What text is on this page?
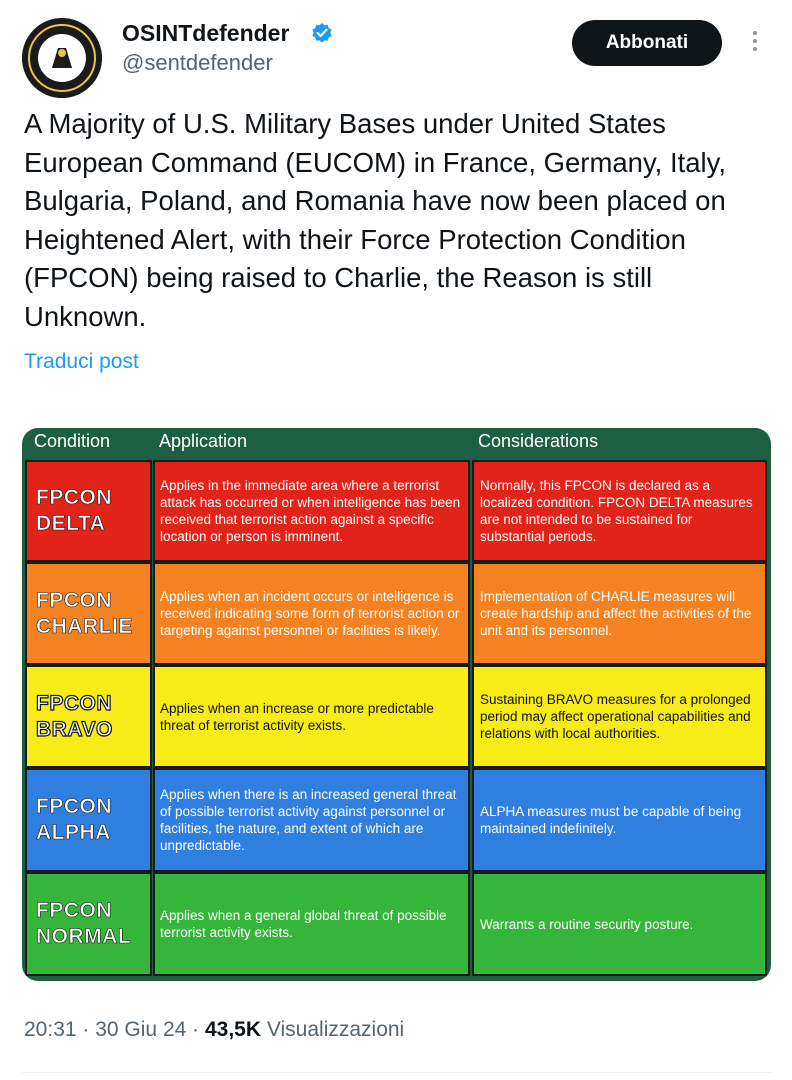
OSINTdefender
@sentdefender
Abbonati
A Majority of U.S. Military Bases under United States European Command (EUCOM) in France, Germany, Italy, Bulgaria, Poland, and Romania have now been placed on Heightened Alert, with their Force Protection Condition (FPCON) being raised to Charlie, the Reason is still Unknown.
Traduci post
Condition	Application	Considerations
FPCON
DELTA
Applies in the immediate area where a terrorist attack has occurred or when intelligence has been received that terrorist action against a specific location or person is imminent.
Normally, this FPCON is declared as a localized condition. FPCON DELTA measures are not intended to be sustained for substantial periods.
FPCON
CHARLIE
Applies when an incident occurs or intelligence is received indicating some form of terrorist action or targeting against personnel or facilities is likely.
Implementation of CHARLIE measures will create hardship and affect the activities of the unit and its personnel.
FPCON
BRAVO
Applies when an increase or more predictable threat of terrorist activity exists.
Sustaining BRAVO measures for a prolonged period may affect operational capabilities and relations with local authorities.
FPCON
ALPHA
Applies when there is an increased general threat of possible terrorist activity against personnel or facilities, the nature, and extent of which are unpredictable.
ALPHA measures must be capable of being maintained indefinitely.
FPCON
NORMAL
Applies when a general global threat of possible terrorist activity exists.
Warrants a routine security posture.
20:31 · 30 Giu 24 · 43,5K Visualizzazioni
